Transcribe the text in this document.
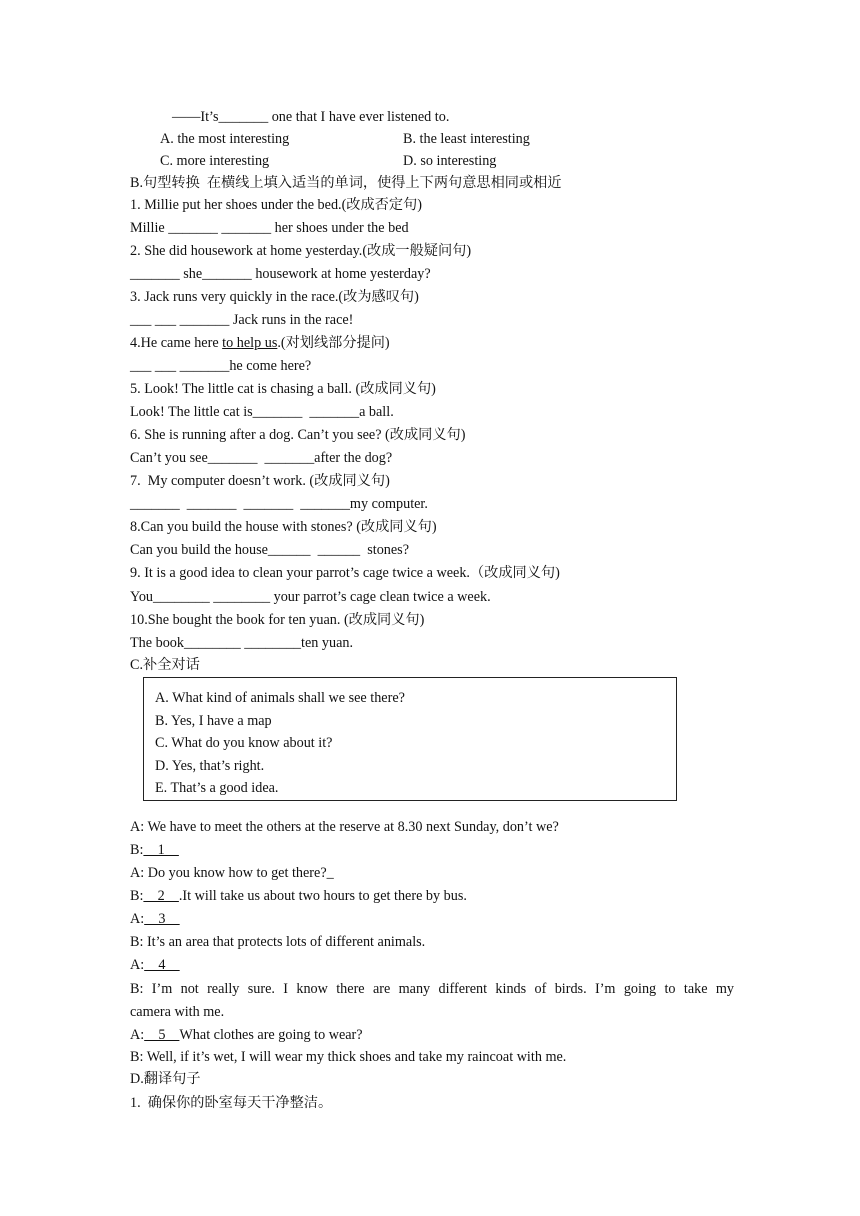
——It’s_______ one that I have ever listened to.
A. the most interesting	B. the least interesting
C. more interesting	D. so interesting
B.句型转换  在横线上填入适当的单词，使得上下两句意思相同或相近
1. Millie put her shoes under the bed.(改成否定句)
Millie _______ _______ her shoes under the bed
2. She did housework at home yesterday.(改成一般疑问句)
_______ she_______ housework at home yesterday?
3. Jack runs very quickly in the race.(改为感叹句)
___ ___ _______ Jack runs in the race!
4.He came here to help us.(对划线部分提问)
___ ___ _______he come here?
5. Look! The little cat is chasing a ball. (改成同义句)
Look! The little cat is_______  _______a ball.
6. She is running after a dog. Can’t you see? (改成同义句)
Can’t you see_______  _______after the dog?
7.  My computer doesn’t work. (改成同义句)
_______  _______  _______  _______my computer.
8.Can you build the house with stones? (改成同义句)
Can you build the house______  ______  stones?
9. It is a good idea to clean your parrot’s cage twice a week.（改成同义句)
You________ ________ your parrot’s cage clean twice a week.
10.She bought the book for ten yuan. (改成同义句)
The book________ ________ten yuan.
C.补全对话
A. What kind of animals shall we see there?
B. Yes, I have a map
C. What do you know about it?
D. Yes, that’s right.
E. That’s a good idea.
A: We have to meet the others at the reserve at 8.30 next Sunday, don’t we?
B:    1
A: Do you know how to get there?_
B:    2    .It will take us about two hours to get there by bus.
A:    3
B: It’s an area that protects lots of different animals.
A:    4
B: I’m not really sure. I know there are many different kinds of birds. I’m going to take my
camera with me.
A:    5    What clothes are going to wear?
B: Well, if it’s wet, I will wear my thick shoes and take my raincoat with me.
D.翻译句子
1.  确保你的卧室每天干净整洁。
